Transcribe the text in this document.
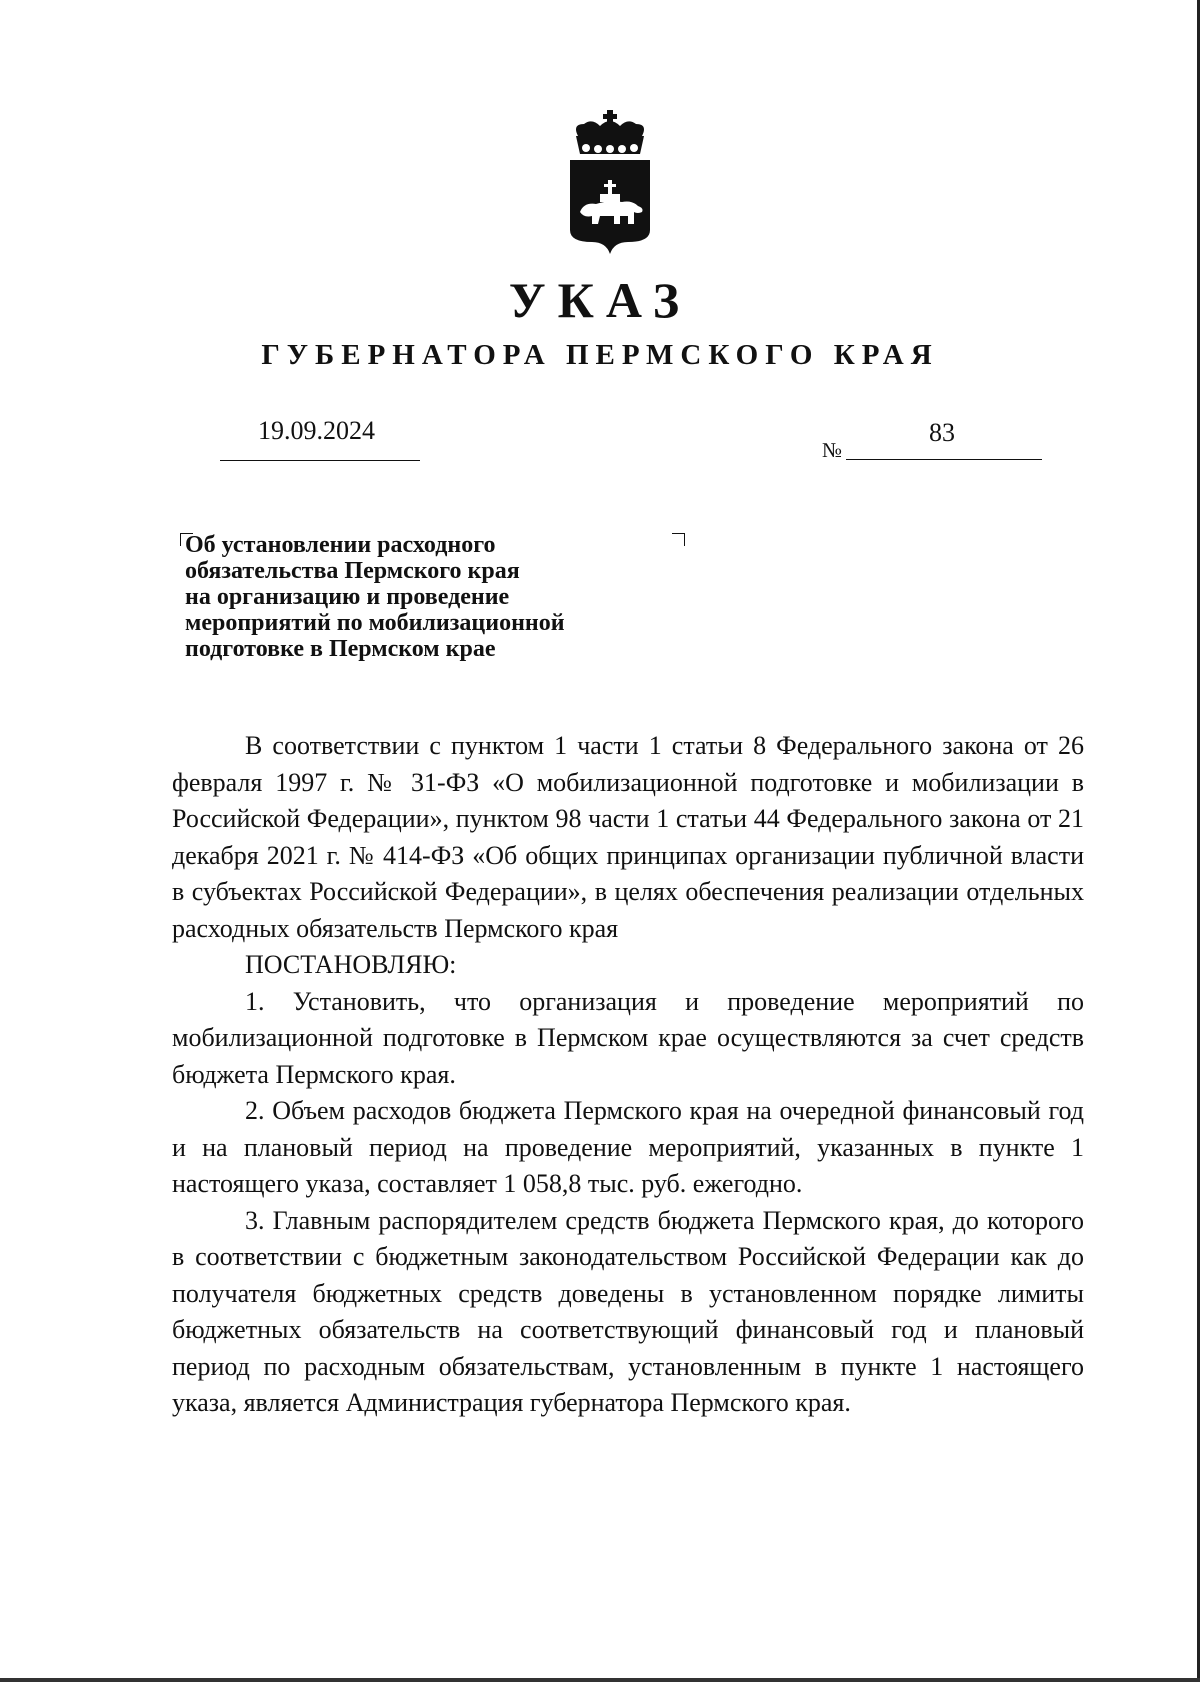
УКАЗ
ГУБЕРНАТОРА ПЕРМСКОГО КРАЯ
19.09.2024
№
83
Об установлении расходного
обязательства Пермского края
на организацию и проведение
мероприятий по мобилизационной
подготовке в Пермском крае

В соответствии с пунктом 1 части 1 статьи 8 Федерального закона от 26 февраля 1997 г. № 31-ФЗ «О мобилизационной подготовке и мобилизации в Российской Федерации», пунктом 98 части 1 статьи 44 Федерального закона от 21 декабря 2021 г. № 414-ФЗ «Об общих принципах организации публичной власти в субъектах Российской Федерации», в целях обеспечения реализации отдельных расходных обязательств Пермского края

ПОСТАНОВЛЯЮ:

1. Установить, что организация и проведение мероприятий по мобилизационной подготовке в Пермском крае осуществляются за счет средств бюджета Пермского края.

2. Объем расходов бюджета Пермского края на очередной финансовый год и на плановый период на проведение мероприятий, указанных в пункте 1 настоящего указа, составляет 1 058,8 тыс. руб. ежегодно.

3. Главным распорядителем средств бюджета Пермского края, до которого в соответствии с бюджетным законодательством Российской Федерации как до получателя бюджетных средств доведены в установленном порядке лимиты бюджетных обязательств на соответствующий финансовый год и плановый период по расходным обязательствам, установленным в пункте 1 настоящего указа, является Администрация губернатора Пермского края.
